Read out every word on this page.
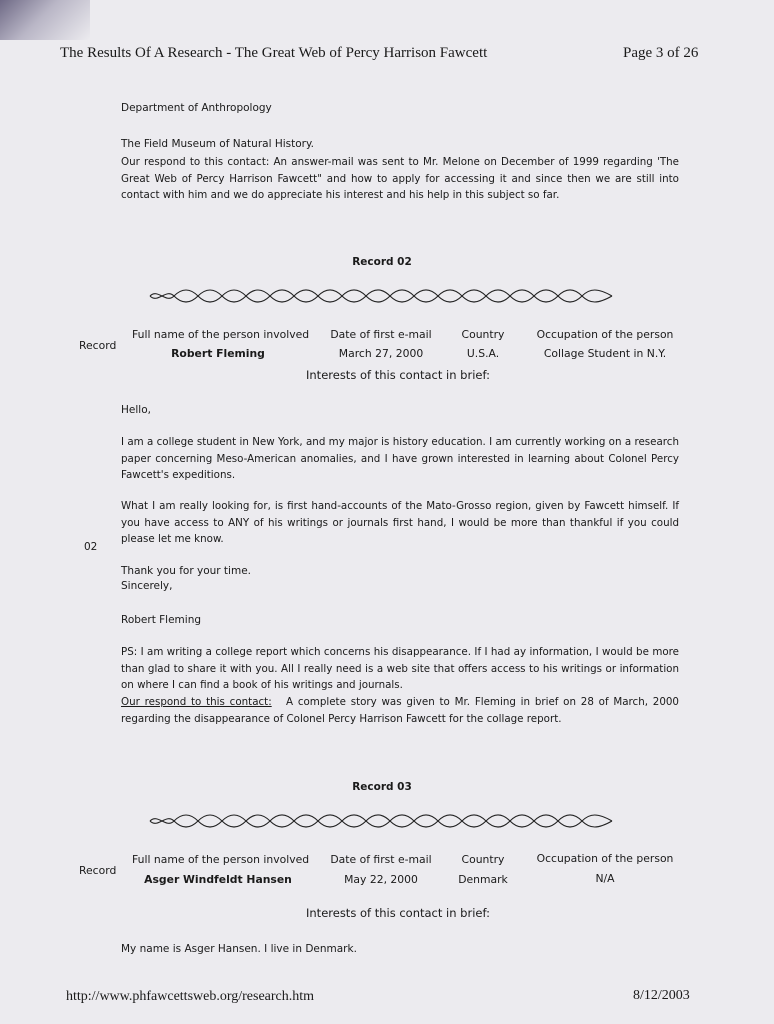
The Results Of A Research - The Great Web of Percy Harrison Fawcett	Page 3 of 26
Department of Anthropology
The Field Museum of Natural History.
Our respond to this contact: An answer-mail was sent to Mr. Melone on December of 1999 regarding 'The Great Web of Percy Harrison Fawcett" and how to apply for accessing it and since then we are still into contact with him and we do appreciate his interest and his help in this subject so far.
Record 02
Record
Full name of the person involved	Date of first e-mail	Country	Occupation of the person
Robert Fleming	March 27, 2000	U.S.A.	Collage Student in N.Y.
Interests of this contact in brief:
Hello,
I am a college student in New York, and my major is history education. I am currently working on a research paper concerning Meso-American anomalies, and I have grown interested in learning about Colonel Percy Fawcett's expeditions.
What I am really looking for, is first hand-accounts of the Mato-Grosso region, given by Fawcett himself. If you have access to ANY of his writings or journals first hand, I would be more than thankful if you could please let me know.
02
Thank you for your time.
Sincerely,
Robert Fleming
PS: I am writing a college report which concerns his disappearance. If I had ay information, I would be more than glad to share it with you. All I really need is a web site that offers access to his writings or information on where I can find a book of his writings and journals.
Our respond to this contact: A complete story was given to Mr. Fleming in brief on 28 of March, 2000 regarding the disappearance of Colonel Percy Harrison Fawcett for the collage report.
Record 03
Record
Full name of the person involved	Date of first e-mail	Country	Occupation of the person
Asger Windfeldt Hansen	May 22, 2000	Denmark	N/A
Interests of this contact in brief:
My name is Asger Hansen. I live in Denmark.
http://www.phfawcettsweb.org/research.htm	8/12/2003
